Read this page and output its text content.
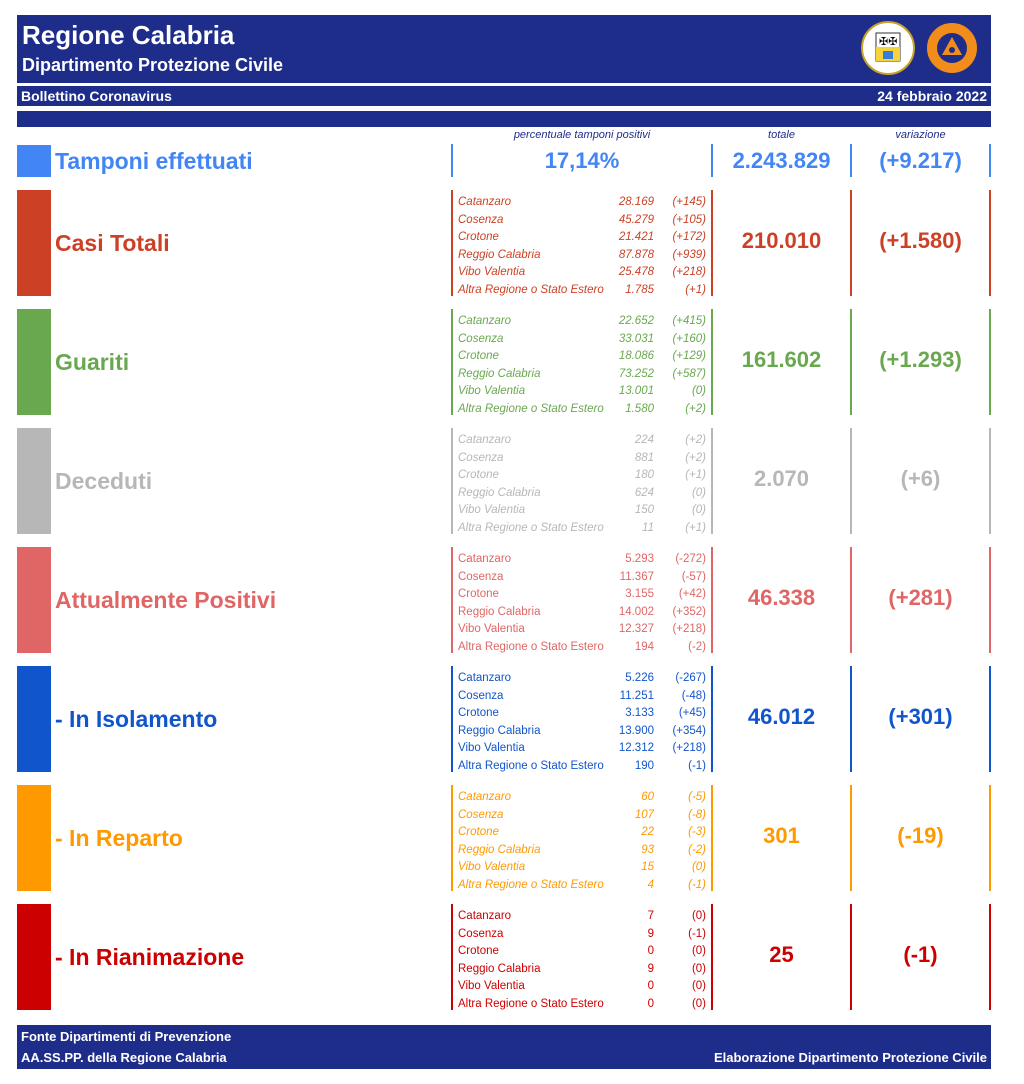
Regione Calabria
Dipartimento Protezione Civile
✠✠
Bollettino Coronavirus	24 febbraio 2022
percentuale tamponi positivi	totale	variazione
Tamponi effettuati	17,14%	2.243.829	(+9.217)
Casi Totali
Catanzaro	28.169	(+145)
Cosenza	45.279	(+105)
Crotone	21.421	(+172)
Reggio Calabria	87.878	(+939)
Vibo Valentia	25.478	(+218)
Altra Regione o Stato Estero	1.785	(+1)
210.010	(+1.580)
Guariti
Catanzaro	22.652	(+415)
Cosenza	33.031	(+160)
Crotone	18.086	(+129)
Reggio Calabria	73.252	(+587)
Vibo Valentia	13.001	(0)
Altra Regione o Stato Estero	1.580	(+2)
161.602	(+1.293)
Deceduti
Catanzaro	224	(+2)
Cosenza	881	(+2)
Crotone	180	(+1)
Reggio Calabria	624	(0)
Vibo Valentia	150	(0)
Altra Regione o Stato Estero	11	(+1)
2.070	(+6)
Attualmente Positivi
Catanzaro	5.293	(-272)
Cosenza	11.367	(-57)
Crotone	3.155	(+42)
Reggio Calabria	14.002	(+352)
Vibo Valentia	12.327	(+218)
Altra Regione o Stato Estero	194	(-2)
46.338	(+281)
- In Isolamento
Catanzaro	5.226	(-267)
Cosenza	11.251	(-48)
Crotone	3.133	(+45)
Reggio Calabria	13.900	(+354)
Vibo Valentia	12.312	(+218)
Altra Regione o Stato Estero	190	(-1)
46.012	(+301)
- In Reparto
Catanzaro	60	(-5)
Cosenza	107	(-8)
Crotone	22	(-3)
Reggio Calabria	93	(-2)
Vibo Valentia	15	(0)
Altra Regione o Stato Estero	4	(-1)
301	(-19)
- In Rianimazione
Catanzaro	7	(0)
Cosenza	9	(-1)
Crotone	0	(0)
Reggio Calabria	9	(0)
Vibo Valentia	0	(0)
Altra Regione o Stato Estero	0	(0)
25	(-1)
Fonte Dipartimenti di Prevenzione
AA.SS.PP. della Regione Calabria	Elaborazione Dipartimento Protezione Civile
